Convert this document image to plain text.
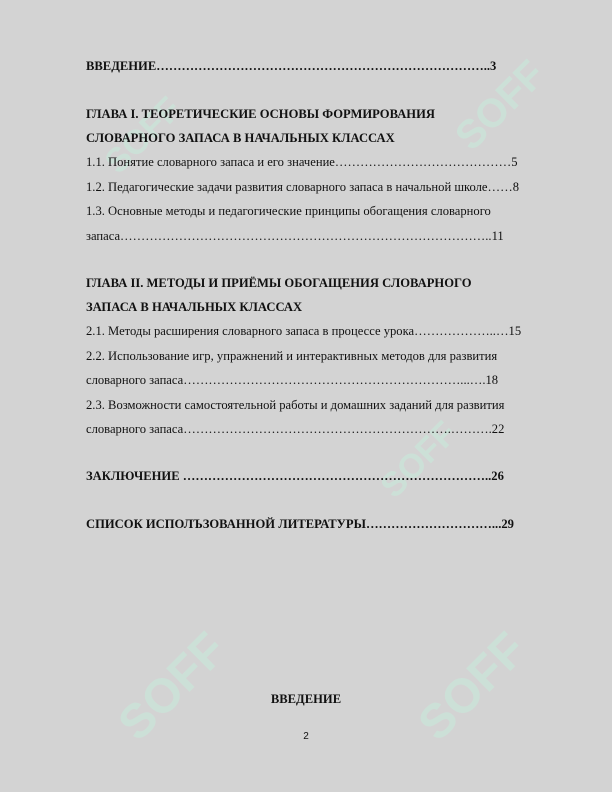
SOFF	SOFF
SOFF
SOFF	SOFF
ВВЕДЕНИЕ……………………………………………………………………..3
ГЛАВА I. ТЕОРЕТИЧЕСКИЕ ОСНОВЫ ФОРМИРОВАНИЯ
СЛОВАРНОГО ЗАПАСА В НАЧАЛЬНЫХ КЛАССАХ
1.1. Понятие словарного запаса и его значение……………………………………5
1.2. Педагогические задачи развития словарного запаса в начальной школе……8
1.3. Основные методы и педагогические принципы обогащения словарного
запаса……………………………………………………………………………..11
ГЛАВА II. МЕТОДЫ И ПРИЁМЫ ОБОГАЩЕНИЯ СЛОВАРНОГО
ЗАПАСА В НАЧАЛЬНЫХ КЛАССАХ
2.1. Методы расширения словарного запаса в процессе урока………………..…15
2.2. Использование игр, упражнений и интерактивных методов для развития
словарного запаса…………………………………………………………...….18
2.3. Возможности самостоятельной работы и домашних заданий для развития
словарного запаса……………………………………………………….……….22
ЗАКЛЮЧЕНИЕ ………………………………………………………………..26
СПИСОК ИСПОЛЪЗОВАННОЙ ЛИТЕРАТУРЫ…………………………...29
ВВЕДЕНИЕ
2
